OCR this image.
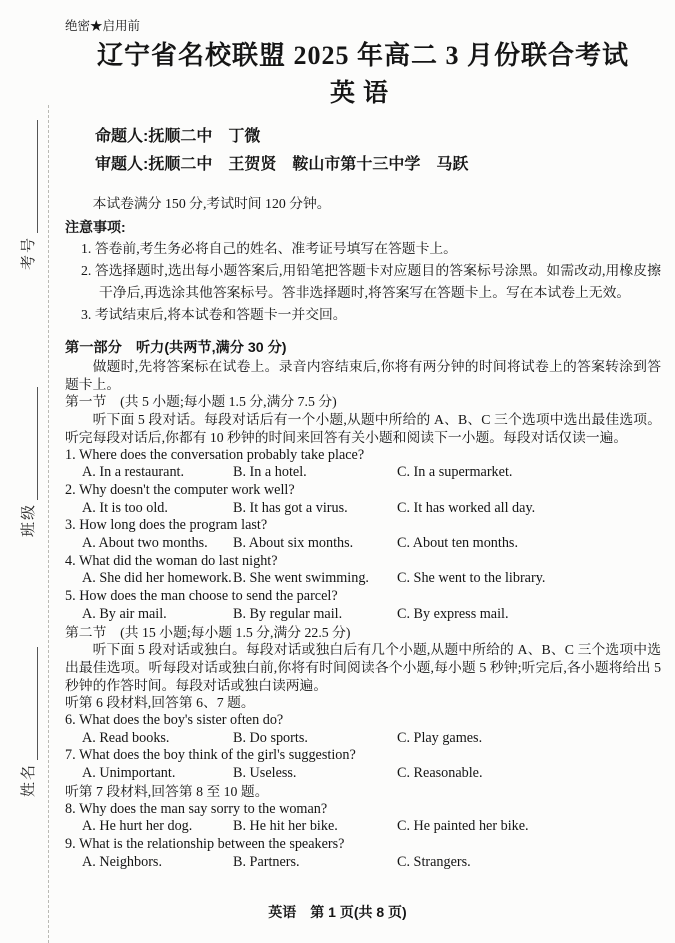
考号
班级
姓名
绝密★启用前
辽宁省名校联盟 2025 年高二 3 月份联合考试
英语
命题人:抚顺二中　丁微
审题人:抚顺二中　王贺贤　鞍山市第十三中学　马跃
本试卷满分 150 分,考试时间 120 分钟。
注意事项:
1. 答卷前,考生务必将自己的姓名、准考证号填写在答题卡上。
2. 答选择题时,选出每小题答案后,用铅笔把答题卡对应题目的答案标号涂黑。如需改动,用橡皮擦干净后,再选涂其他答案标号。答非选择题时,将答案写在答题卡上。写在本试卷上无效。
3. 考试结束后,将本试卷和答题卡一并交回。
第一部分　听力(共两节,满分 30 分)

做题时,先将答案标在试卷上。录音内容结束后,你将有两分钟的时间将试卷上的答案转涂到答题卡上。

第一节　(共 5 小题;每小题 1.5 分,满分 7.5 分)

听下面 5 段对话。每段对话后有一个小题,从题中所给的 A、B、C 三个选项中选出最佳选项。听完每段对话后,你都有 10 秒钟的时间来回答有关小题和阅读下一小题。每段对话仅读一遍。

1. Where does the conversation probably take place?
A. In a restaurant.	B. In a hotel.	C. In a supermarket.
2. Why doesn't the computer work well?
A. It is too old.	B. It has got a virus.	C. It has worked all day.
3. How long does the program last?
A. About two months.	B. About six months.	C. About ten months.
4. What did the woman do last night?
A. She did her homework. B. She went swimming.	C. She went to the library.
5. How does the man choose to send the parcel?
A. By air mail.	B. By regular mail.	C. By express mail.
第二节　(共 15 小题;每小题 1.5 分,满分 22.5 分)

听下面 5 段对话或独白。每段对话或独白后有几个小题,从题中所给的 A、B、C 三个选项中选出最佳选项。听每段对话或独白前,你将有时间阅读各个小题,每小题 5 秒钟;听完后,各小题将给出 5 秒钟的作答时间。每段对话或独白读两遍。

听第 6 段材料,回答第 6、7 题。
6. What does the boy's sister often do?
A. Read books.	B. Do sports.	C. Play games.
7. What does the boy think of the girl's suggestion?
A. Unimportant.	B. Useless.	C. Reasonable.
听第 7 段材料,回答第 8 至 10 题。
8. Why does the man say sorry to the woman?
A. He hurt her dog.	B. He hit her bike.	C. He painted her bike.
9. What is the relationship between the speakers?
A. Neighbors.	B. Partners.	C. Strangers.
英语　第 1 页(共 8 页)
